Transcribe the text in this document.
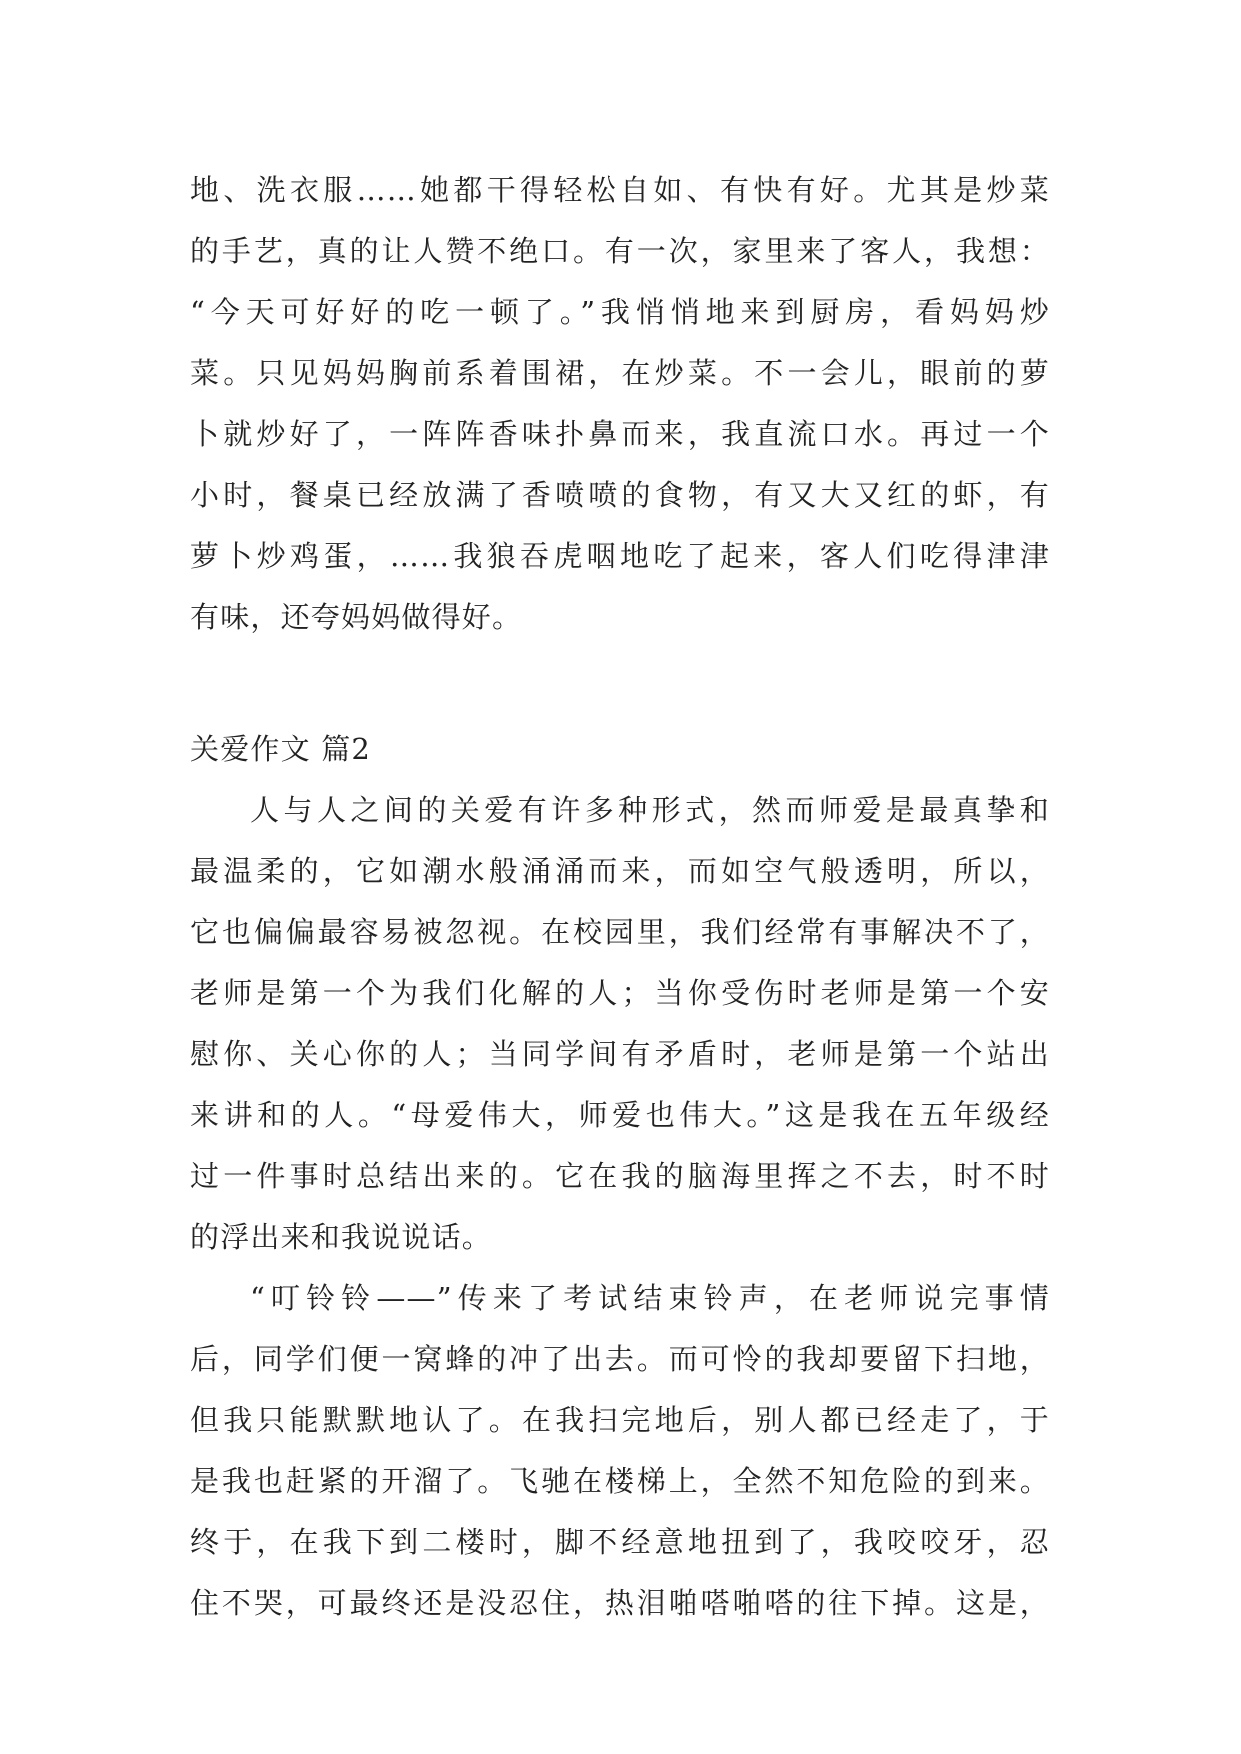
地、洗衣服……她都干得轻松自如、有快有好。尤其是炒菜
的手艺，真的让人赞不绝口。有一次，家里来了客人，我想：
“今天可好好的吃一顿了。”我悄悄地来到厨房，看妈妈炒
菜。只见妈妈胸前系着围裙，在炒菜。不一会儿，眼前的萝
卜就炒好了，一阵阵香味扑鼻而来，我直流口水。再过一个
小时，餐桌已经放满了香喷喷的食物，有又大又红的虾，有
萝卜炒鸡蛋，……我狼吞虎咽地吃了起来，客人们吃得津津
有味，还夸妈妈做得好。
关爱作文 篇2
人与人之间的关爱有许多种形式，然而师爱是最真挚和
最温柔的，它如潮水般涌涌而来，而如空气般透明，所以，
它也偏偏最容易被忽视。在校园里，我们经常有事解决不了，
老师是第一个为我们化解的人；当你受伤时老师是第一个安
慰你、关心你的人；当同学间有矛盾时，老师是第一个站出
来讲和的人。“母爱伟大，师爱也伟大。”这是我在五年级经
过一件事时总结出来的。它在我的脑海里挥之不去，时不时
的浮出来和我说说话。
“叮铃铃——”传来了考试结束铃声，在老师说完事情
后，同学们便一窝蜂的冲了出去。而可怜的我却要留下扫地，
但我只能默默地认了。在我扫完地后，别人都已经走了，于
是我也赶紧的开溜了。飞驰在楼梯上，全然不知危险的到来。
终于，在我下到二楼时，脚不经意地扭到了，我咬咬牙，忍
住不哭，可最终还是没忍住，热泪啪嗒啪嗒的往下掉。这是，
